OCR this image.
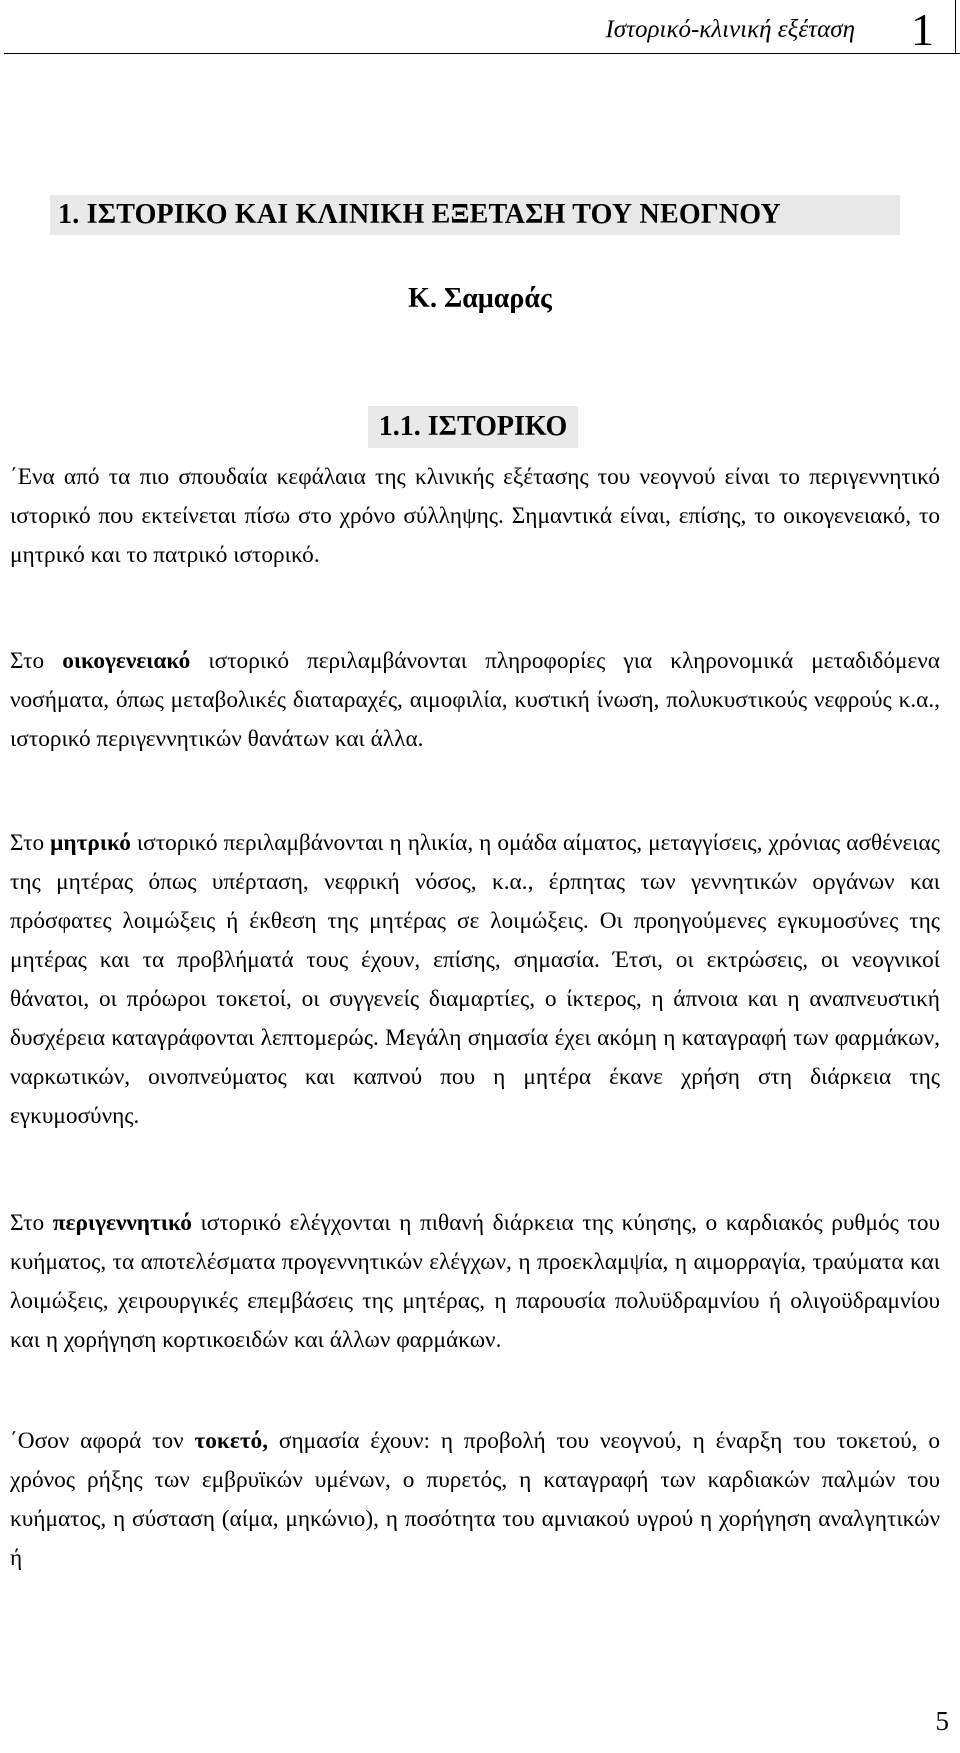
Ιστορικό-κλινική εξέταση 1
1. ΙΣΤΟΡΙΚΟ ΚΑΙ ΚΛΙΝΙΚΗ ΕΞΕΤΑΣΗ ΤΟΥ ΝΕΟΓΝΟΥ
Κ. Σαμαράς
1.1. ΙΣΤΟΡΙΚΟ

΄Ενα από τα πιο σπουδαία κεφάλαια της κλινικής εξέτασης του νεογνού είναι το περιγεννητικό ιστορικό που εκτείνεται πίσω στο χρόνο σύλληψης. Σημαντικά είναι, επίσης, το οικογενειακό, το μητρικό και το πατρικό ιστορικό.

Στο οικογενειακό ιστορικό περιλαμβάνονται πληροφορίες για κληρονομικά μεταδιδόμενα νοσήματα, όπως μεταβολικές διαταραχές, αιμοφιλία, κυστική ίνωση, πολυκυστικούς νεφρούς κ.α., ιστορικό περιγεννητικών θανάτων και άλλα.

Στο μητρικό ιστορικό περιλαμβάνονται η ηλικία, η ομάδα αίματος, μεταγγίσεις, χρόνιας ασθένειας της μητέρας όπως υπέρταση, νεφρική νόσος, κ.α., έρπητας των γεννητικών οργάνων και πρόσφατες λοιμώξεις ή έκθεση της μητέρας σε λοιμώξεις. Οι προηγούμενες εγκυμοσύνες της μητέρας και τα προβλήματά τους έχουν, επίσης, σημασία. Έτσι, οι εκτρώσεις, οι νεογνικοί θάνατοι, οι πρόωροι τοκετοί, οι συγγενείς διαμαρτίες, ο ίκτερος, η άπνοια και η αναπνευστική δυσχέρεια καταγράφονται λεπτομερώς. Μεγάλη σημασία έχει ακόμη η καταγραφή των φαρμάκων, ναρκωτικών, οινοπνεύματος και καπνού που η μητέρα έκανε χρήση στη διάρκεια της εγκυμοσύνης.

Στο περιγεννητικό ιστορικό ελέγχονται η πιθανή διάρκεια της κύησης, ο καρδιακός ρυθμός του κυήματος, τα αποτελέσματα προγεννητικών ελέγχων, η προεκλαμψία, η αιμορραγία, τραύματα και λοιμώξεις, χειρουργικές επεμβάσεις της μητέρας, η παρουσία πολυϋδραμνίου ή ολιγοϋδραμνίου και η χορήγηση κορτικοειδών και άλλων φαρμάκων.

΄Οσον αφορά τον τοκετό, σημασία έχουν: η προβολή του νεογνού, η έναρξη του τοκετού, ο χρόνος ρήξης των εμβρυϊκών υμένων, ο πυρετός, η καταγραφή των καρδιακών παλμών του κυήματος, η σύσταση (αίμα, μηκώνιο), η ποσότητα του αμνιακού υγρού η χορήγηση αναλγητικών ή

5
